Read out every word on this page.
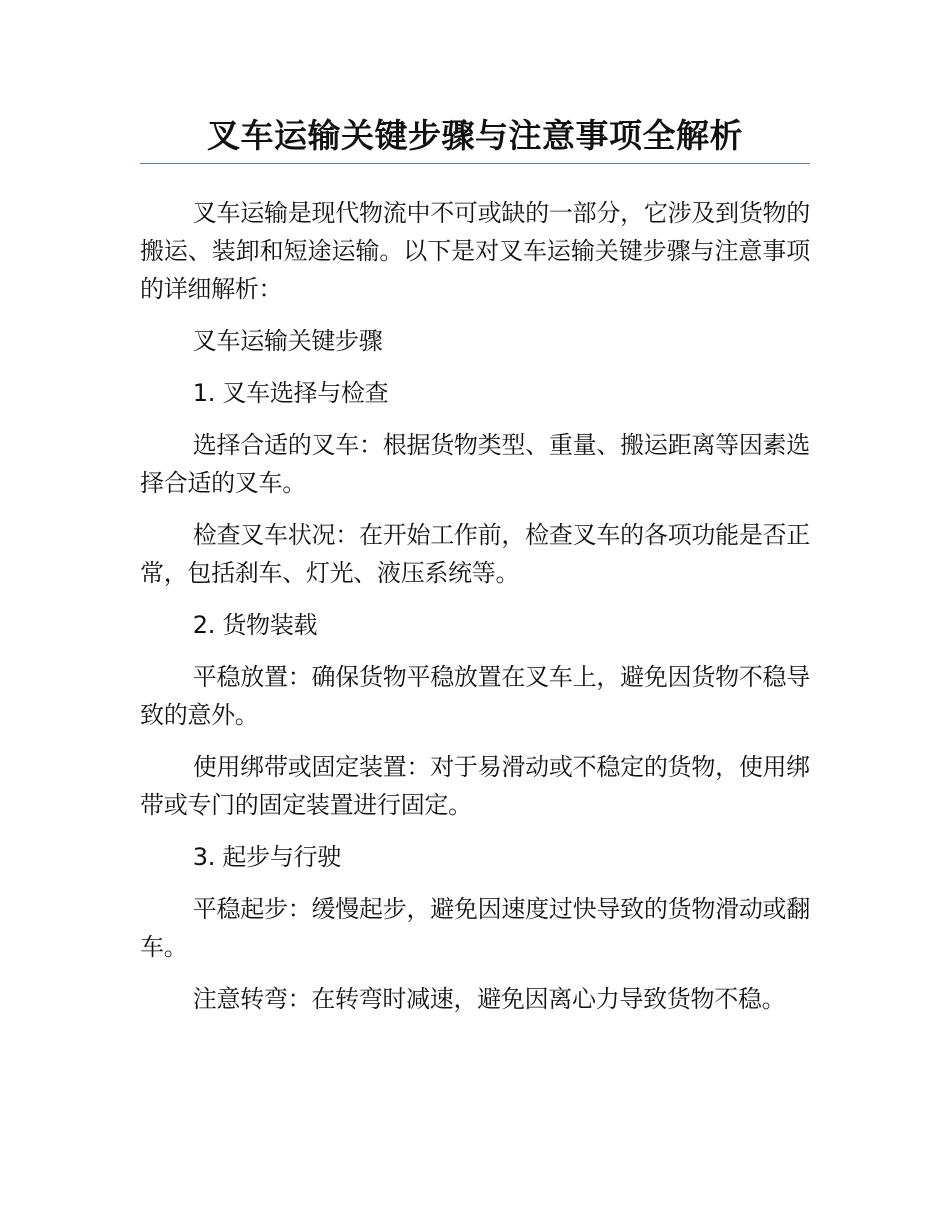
叉车运输关键步骤与注意事项全解析

叉车运输是现代物流中不可或缺的一部分，它涉及到货物的搬运、装卸和短途运输。以下是对叉车运输关键步骤与注意事项的详细解析：

叉车运输关键步骤

1. 叉车选择与检查

选择合适的叉车：根据货物类型、重量、搬运距离等因素选择合适的叉车。

检查叉车状况：在开始工作前，检查叉车的各项功能是否正常，包括刹车、灯光、液压系统等。

2. 货物装载

平稳放置：确保货物平稳放置在叉车上，避免因货物不稳导致的意外。

使用绑带或固定装置：对于易滑动或不稳定的货物，使用绑带或专门的固定装置进行固定。

3. 起步与行驶

平稳起步：缓慢起步，避免因速度过快导致的货物滑动或翻车。

注意转弯：在转弯时减速，避免因离心力导致货物不稳。
